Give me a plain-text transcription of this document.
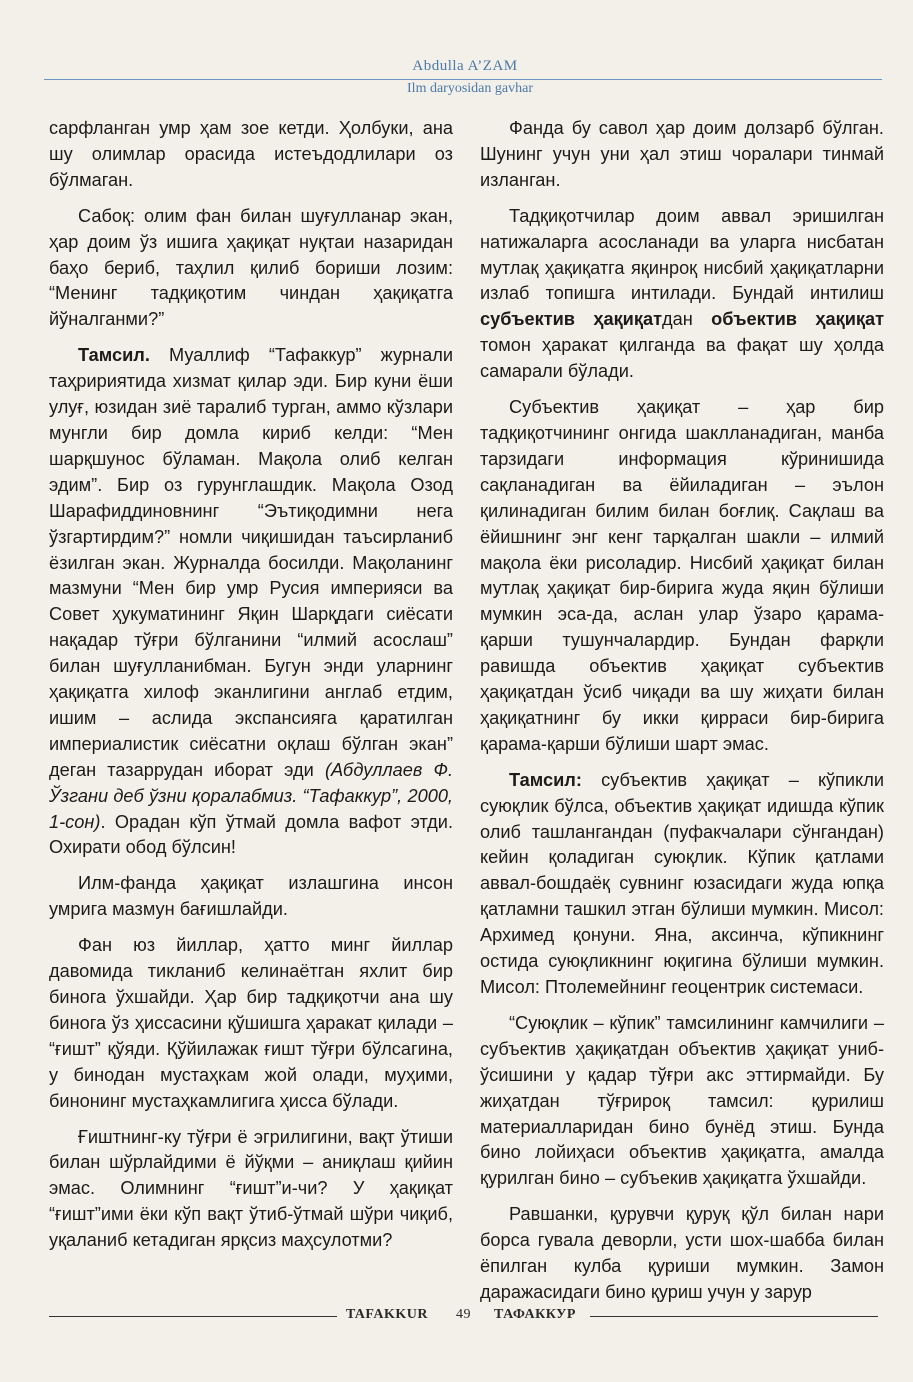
Abdulla A’ZAM
Ilm daryosidan gavhar

сарфланган умр ҳам зое кетди. Ҳолбуки, ана шу олимлар орасида истеъдодлилари оз бўлмаган.

Сабоқ: олим фан билан шуғулланар экан, ҳар доим ўз ишига ҳақиқат нуқтаи назаридан баҳо бериб, таҳлил қилиб бориши лозим: “Менинг тадқиқотим чиндан ҳақиқатга йўналганми?”

Тамсил. Муаллиф “Тафаккур” журнали таҳририятида хизмат қилар эди. Бир куни ёши улуғ, юзидан зиё таралиб турган, аммо кўзлари мунгли бир домла кириб келди: “Мен шарқшунос бўламан. Мақола олиб келган эдим”. Бир оз гурунглашдик. Мақола Озод Шарафиддиновнинг “Эътиқодимни нега ўзгартирдим?” номли чиқишидан таъсирланиб ёзилган экан. Журналда босилди. Мақоланинг мазмуни “Мен бир умр Русия империяси ва Совет ҳукуматининг Яқин Шарқдаги сиёсати нақадар тўғри бўлганини “илмий асослаш” билан шуғулланибман. Бугун энди уларнинг ҳақиқатга хилоф эканлигини англаб етдим, ишим – аслида экспансияга қаратилган империалистик сиёсатни оқлаш бўлган экан” деган тазаррудан иборат эди (Абдуллаев Ф. Ўзгани деб ўзни қоралабмиз. “Тафаккур”, 2000, 1-сон). Орадан кўп ўтмай домла вафот этди. Охирати обод бўлсин!

Илм-фанда ҳақиқат излашгина инсон умрига мазмун бағишлайди.

Фан юз йиллар, ҳатто минг йиллар давомида тикланиб келинаётган яхлит бир бинога ўхшайди. Ҳар бир тадқиқотчи ана шу бинога ўз ҳиссасини қўшишга ҳаракат қилади – “ғишт” қўяди. Қўйилажак ғишт тўғри бўлсагина, у бинодан мустаҳкам жой олади, муҳими, бинонинг мустаҳкамлигига ҳисса бўлади.

Ғиштнинг-ку тўғри ё эгрилигини, вақт ўтиши билан шўрлайдими ё йўқми – аниқлаш қийин эмас. Олимнинг “ғишт”и-чи? У ҳақиқат “ғишт”ими ёки кўп вақт ўтиб-ўтмай шўри чиқиб, уқаланиб кетадиган ярқсиз маҳсулотми?

Фанда бу савол ҳар доим долзарб бўлган. Шунинг учун уни ҳал этиш чоралари тинмай изланган.

Тадқиқотчилар доим аввал эришилган натижаларга асосланади ва уларга нисбатан мутлақ ҳақиқатга яқинроқ нисбий ҳақиқатларни излаб топишга интилади. Бундай интилиш субъектив ҳақиқатдан объектив ҳақиқат томон ҳаракат қилганда ва фақат шу ҳолда самарали бўлади.

Субъектив ҳақиқат – ҳар бир тадқиқотчининг онгида шаклланадиган, манба тарзидаги информация кўринишида сақланадиган ва ёйиладиган – эълон қилинадиган билим билан боғлиқ. Сақлаш ва ёйишнинг энг кенг тарқалган шакли – илмий мақола ёки рисоладир. Нисбий ҳақиқат билан мутлақ ҳақиқат бир-бирига жуда яқин бўлиши мумкин эса-да, аслан улар ўзаро қарама-қарши тушунчалардир. Бундан фарқли равишда объектив ҳақиқат субъектив ҳақиқатдан ўсиб чиқади ва шу жиҳати билан ҳақиқатнинг бу икки қирраси бир-бирига қарама-қарши бўлиши шарт эмас.

Тамсил: субъектив ҳақиқат – кўпикли суюқлик бўлса, объектив ҳақиқат идишда кўпик олиб ташлангандан (пуфакчалари сўнгандан) кейин қоладиган суюқлик. Кўпик қатлами аввал-бошдаёқ сувнинг юзасидаги жуда юпқа қатламни ташкил этган бўлиши мумкин. Мисол: Архимед қонуни. Яна, аксинча, кўпикнинг остида суюқликнинг юқигина бўлиши мумкин. Мисол: Птолемейнинг геоцентрик системаси.

“Суюқлик – кўпик” тамсилининг камчилиги – субъектив ҳақиқатдан объектив ҳақиқат униб-ўсишини у қадар тўғри акс эттирмайди. Бу жиҳатдан тўғрироқ тамсил: қурилиш материалларидан бино бунёд этиш. Бунда бино лойиҳаси объектив ҳақиқатга, амалда қурилган бино – субъекив ҳақиқатга ўхшайди.

Равшанки, қурувчи қуруқ қўл билан нари борса гувала деворли, усти шох-шабба билан ёпилган кулба қуриши мумкин. Замон даражасидаги бино қуриш учун у зарур

TAFAKKUR 49 ТАФАККУР
